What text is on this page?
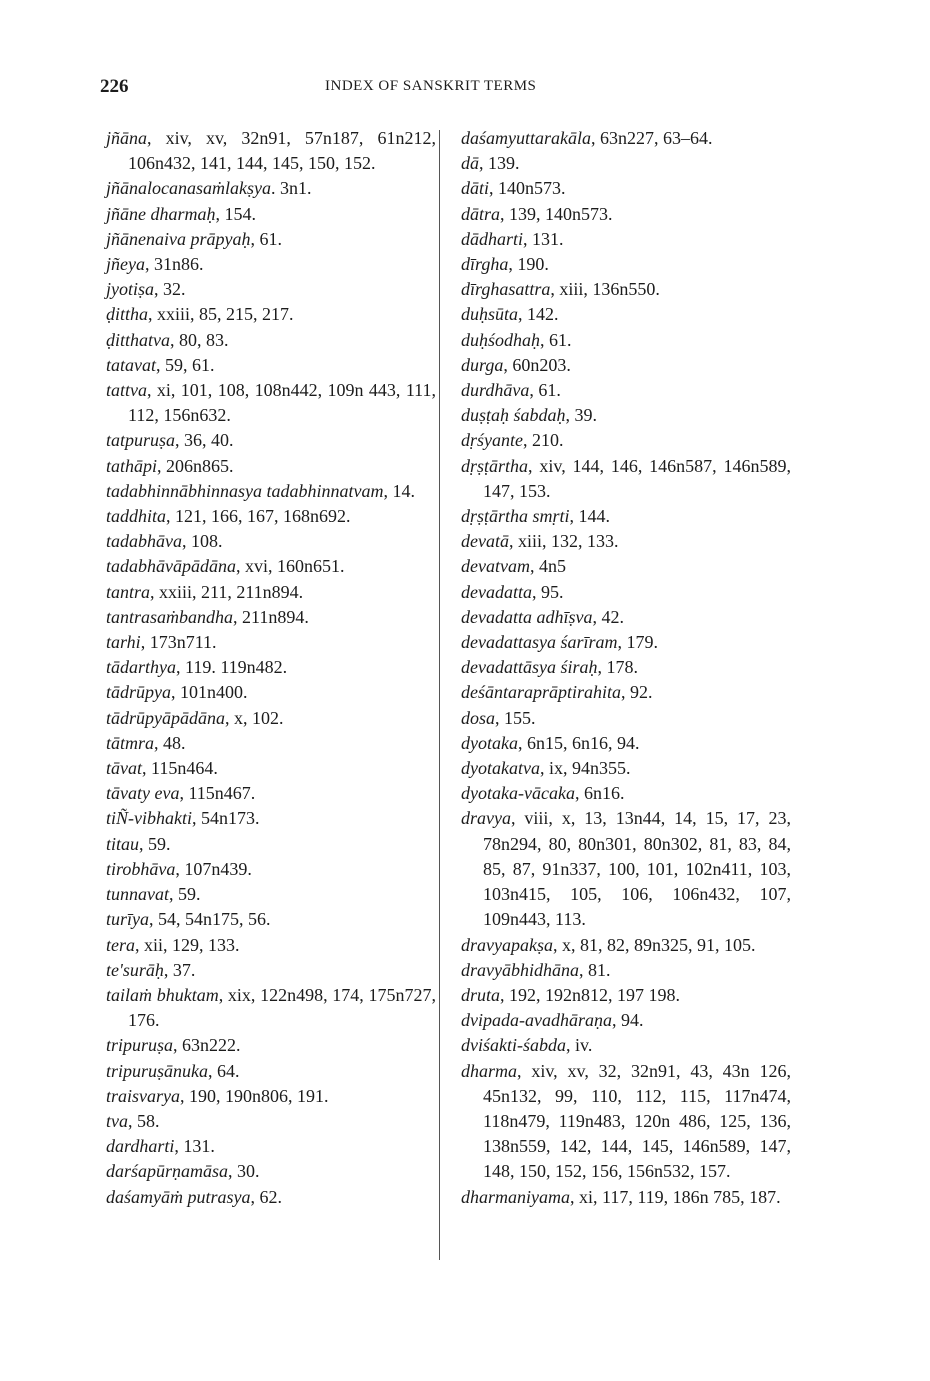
226	INDEX OF SANSKRIT TERMS

jñāna, xiv, xv, 32n91, 57n187, 61n212, 106n432, 141, 144, 145, 150, 152.

jñānalocanasaṁlakṣya. 3n1.

jñāne dharmaḥ, 154.

jñānenaiva prāpyaḥ, 61.

jñeya, 31n86.

jyotiṣa, 32.

ḍittha, xxiii, 85, 215, 217.

ḍitthatva, 80, 83.

tatavat, 59, 61.

tattva, xi, 101, 108, 108n442, 109n 443, 111, 112, 156n632.

tatpuruṣa, 36, 40.

tathāpi, 206n865.

tadabhinnābhinnasya tadabhinnatvam, 14.

taddhita, 121, 166, 167, 168n692.

tadabhāva, 108.

tadabhāvāpādāna, xvi, 160n651.

tantra, xxiii, 211, 211n894.

tantrasaṁbandha, 211n894.

tarhi, 173n711.

tādarthya, 119. 119n482.

tādrūpya, 101n400.

tādrūpyāpādāna, x, 102.

tātmra, 48.

tāvat, 115n464.

tāvaty eva, 115n467.

tiÑ-vibhakti, 54n173.

titau, 59.

tirobhāva, 107n439.

tunnavat, 59.

turīya, 54, 54n175, 56.

tera, xii, 129, 133.

te'surāḥ, 37.

tailaṁ bhuktam, xix, 122n498, 174, 175n727, 176.

tripuruṣa, 63n222.

tripuruṣānuka, 64.

traisvarya, 190, 190n806, 191.

tva, 58.

dardharti, 131.

darśapūrṇamāsa, 30.

daśamyāṁ putrasya, 62.

daśamyuttarakāla, 63n227, 63–64.

dā, 139.

dāti, 140n573.

dātra, 139, 140n573.

dādharti, 131.

dīrgha, 190.

dīrghasattra, xiii, 136n550.

duḥsūta, 142.

duḥśodhaḥ, 61.

durga, 60n203.

durdhāva, 61.

duṣṭaḥ śabdaḥ, 39.

dṛśyante, 210.

dṛṣṭārtha, xiv, 144, 146, 146n587, 146n589, 147, 153.

dṛṣṭārtha smṛti, 144.

devatā, xiii, 132, 133.

devatvam, 4n5

devadatta, 95.

devadatta adhīṣva, 42.

devadattasya śarīram, 179.

devadattāsya śiraḥ, 178.

deśāntaraprāptirahita, 92.

dosa, 155.

dyotaka, 6n15, 6n16, 94.

dyotakatva, ix, 94n355.

dyotaka-vācaka, 6n16.

dravya, viii, x, 13, 13n44, 14, 15, 17, 23, 78n294, 80, 80n301, 80n302, 81, 83, 84, 85, 87, 91n337, 100, 101, 102n411, 103, 103n415, 105, 106, 106n432, 107, 109n443, 113.

dravyapakṣa, x, 81, 82, 89n325, 91, 105.

dravyābhidhāna, 81.

druta, 192, 192n812, 197 198.

dvipada-avadhāraṇa, 94.

dviśakti-śabda, iv.

dharma, xiv, xv, 32, 32n91, 43, 43n 126, 45n132, 99, 110, 112, 115, 117n474, 118n479, 119n483, 120n 486, 125, 136, 138n559, 142, 144, 145, 146n589, 147, 148, 150, 152, 156, 156n532, 157.

dharmaniyama, xi, 117, 119, 186n 785, 187.
